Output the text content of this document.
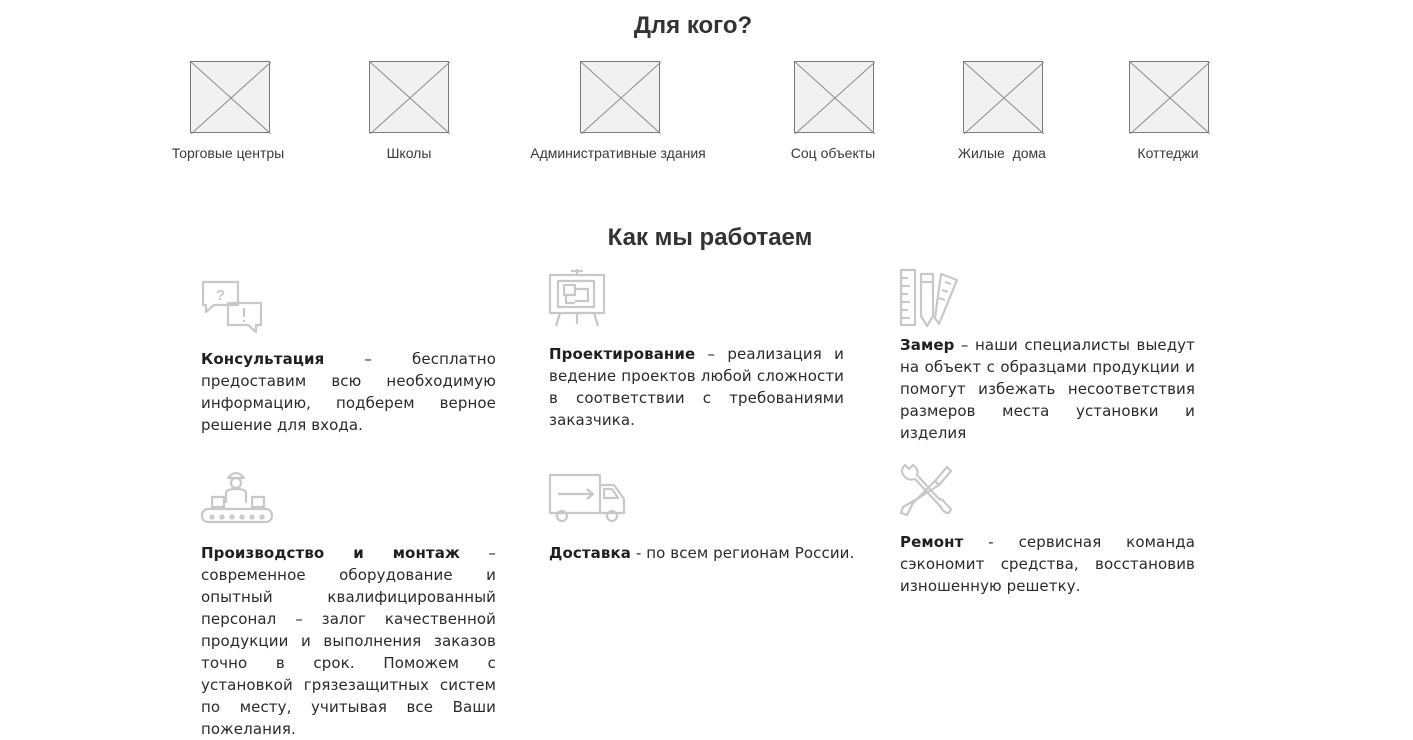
Для кого?
Торговые центры	Школы	Административные здания	Соц объекты	Жилые  дома	Коттеджи
Как мы работаем
?
Консультация – бесплатно предоставим всю необходимую информацию, подберем верное решение для входа.
Проектирование – реализация и ведение проектов любой сложности в соответствии с требованиями заказчика.
Замер – наши специалисты выедут на объект с образцами продукции и помогут избежать несоответствия размеров места установки и изделия
Производство и монтаж – современное оборудование и опытный квалифицированный персонал – залог качественной продукции и выполнения заказов точно в срок. Поможем с установкой грязезащитных систем по месту, учитывая все Ваши пожелания.
Доставка - по всем регионам России.
Ремонт - сервисная команда сэкономит средства, восстановив изношенную решетку.
